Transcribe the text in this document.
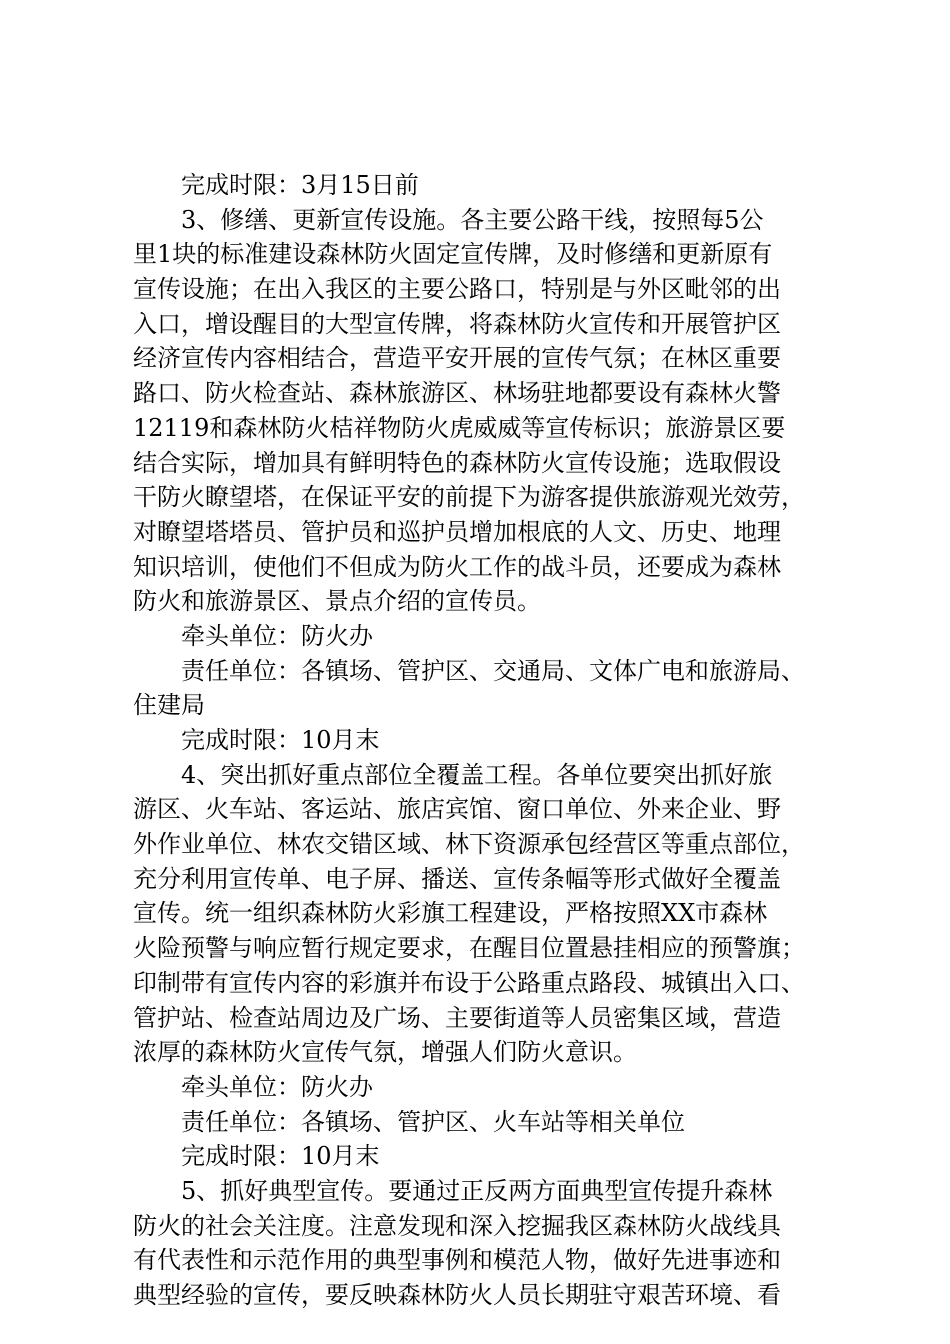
完成时限：3月15日前
3、修缮、更新宣传设施。各主要公路干线，按照每5公
里1块的标准建设森林防火固定宣传牌，及时修缮和更新原有
宣传设施；在出入我区的主要公路口，特别是与外区毗邻的出
入口，增设醒目的大型宣传牌，将森林防火宣传和开展管护区
经济宣传内容相结合，营造平安开展的宣传气氛；在林区重要
路口、防火检查站、森林旅游区、林场驻地都要设有森林火警
12119和森林防火桔祥物防火虎威威等宣传标识；旅游景区要
结合实际，增加具有鲜明特色的森林防火宣传设施；选取假设
干防火瞭望塔，在保证平安的前提下为游客提供旅游观光效劳，
对瞭望塔塔员、管护员和巡护员增加根底的人文、历史、地理
知识培训，使他们不但成为防火工作的战斗员，还要成为森林
防火和旅游景区、景点介绍的宣传员。
牵头单位：防火办
责任单位：各镇场、管护区、交通局、文体广电和旅游局、
住建局
完成时限：10月末
4、突出抓好重点部位全覆盖工程。各单位要突出抓好旅
游区、火车站、客运站、旅店宾馆、窗口单位、外来企业、野
外作业单位、林农交错区域、林下资源承包经营区等重点部位，
充分利用宣传单、电子屏、播送、宣传条幅等形式做好全覆盖
宣传。统一组织森林防火彩旗工程建设，严格按照XX市森林
火险预警与响应暂行规定要求，在醒目位置悬挂相应的预警旗；
印制带有宣传内容的彩旗并布设于公路重点路段、城镇出入口、
管护站、检查站周边及广场、主要街道等人员密集区域，营造
浓厚的森林防火宣传气氛，增强人们防火意识。
牵头单位：防火办
责任单位：各镇场、管护区、火车站等相关单位
完成时限：10月末
5、抓好典型宣传。要通过正反两方面典型宣传提升森林
防火的社会关注度。注意发现和深入挖掘我区森林防火战线具
有代表性和示范作用的典型事例和模范人物，做好先进事迹和
典型经验的宣传，要反映森林防火人员长期驻守艰苦环境、看
